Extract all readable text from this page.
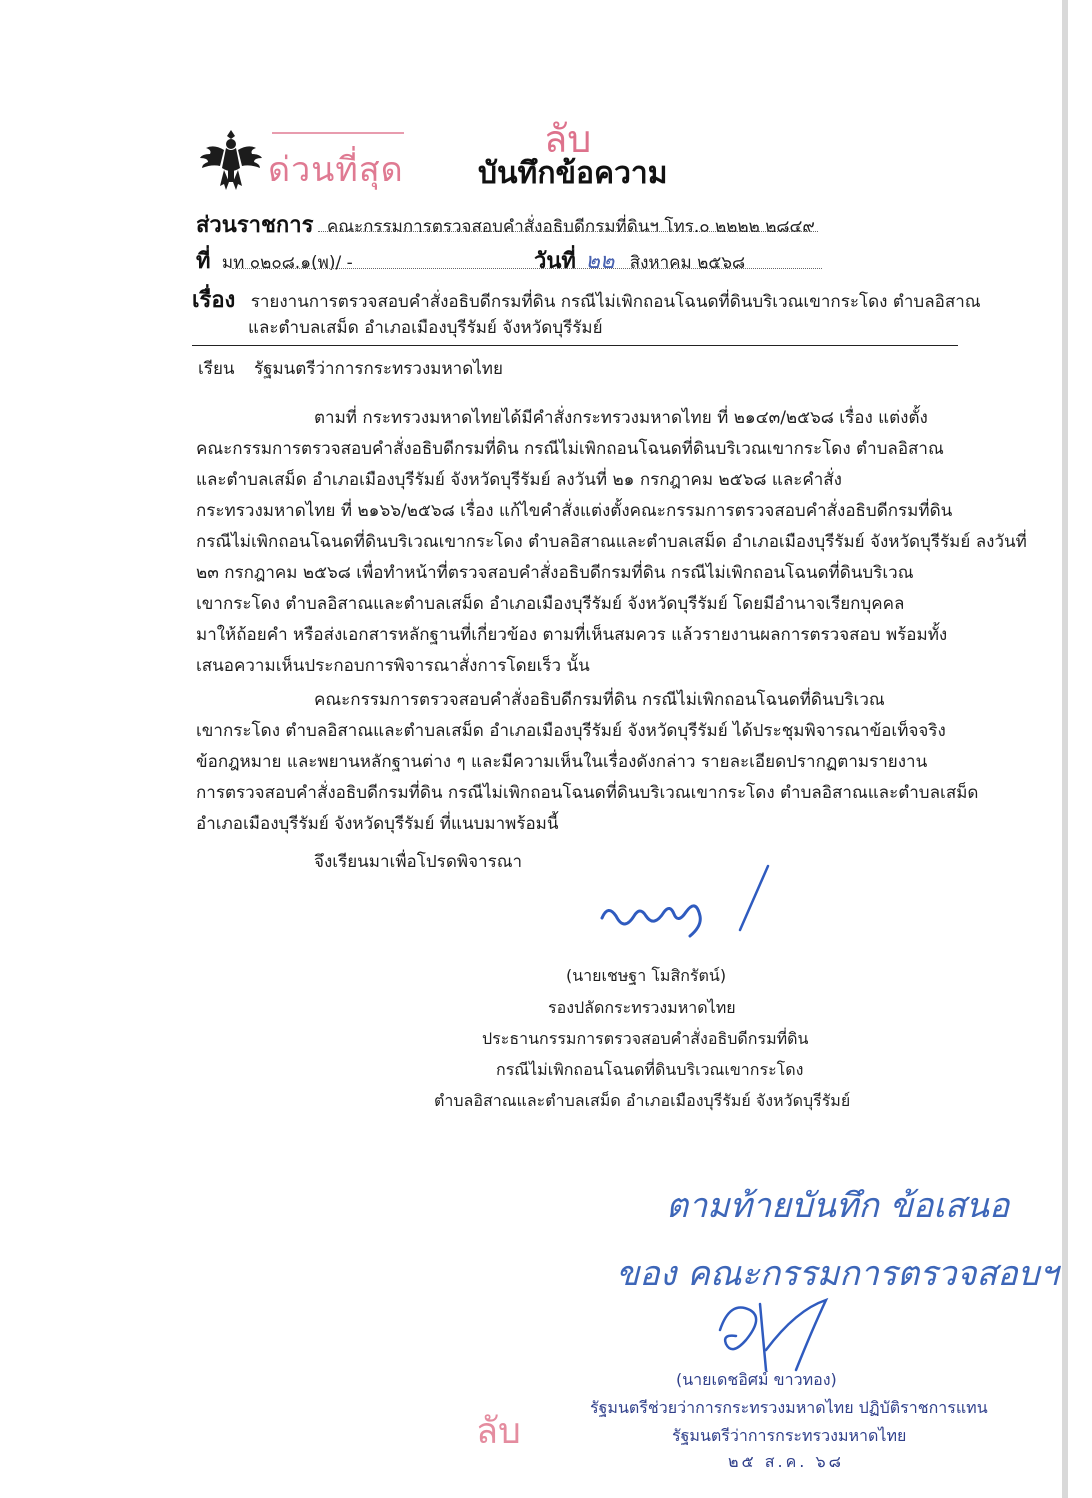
ด่วนที่สุด
ลับ
บันทึกข้อความ
ส่วนราชการ คณะกรรมการตรวจสอบคำสั่งอธิบดีกรมที่ดินฯ โทร.๐ ๒๒๒๒ ๒๘๔๙
ที่ มท ๐๒๐๘.๑(พ)/ -	วันที่ ๒๒ สิงหาคม ๒๕๖๘
เรื่อง รายงานการตรวจสอบคำสั่งอธิบดีกรมที่ดิน กรณีไม่เพิกถอนโฉนดที่ดินบริเวณเขากระโดง ตำบลอิสาณ
และตำบลเสม็ด อำเภอเมืองบุรีรัมย์ จังหวัดบุรีรัมย์
เรียน รัฐมนตรีว่าการกระทรวงมหาดไทย
ตามที่ กระทรวงมหาดไทยได้มีคำสั่งกระทรวงมหาดไทย ที่ ๒๑๔๓/๒๕๖๘ เรื่อง แต่งตั้ง
คณะกรรมการตรวจสอบคำสั่งอธิบดีกรมที่ดิน กรณีไม่เพิกถอนโฉนดที่ดินบริเวณเขากระโดง ตำบลอิสาณ
และตำบลเสม็ด อำเภอเมืองบุรีรัมย์ จังหวัดบุรีรัมย์ ลงวันที่ ๒๑ กรกฎาคม ๒๕๖๘ และคำสั่ง
กระทรวงมหาดไทย ที่ ๒๑๖๖/๒๕๖๘ เรื่อง แก้ไขคำสั่งแต่งตั้งคณะกรรมการตรวจสอบคำสั่งอธิบดีกรมที่ดิน
กรณีไม่เพิกถอนโฉนดที่ดินบริเวณเขากระโดง ตำบลอิสาณและตำบลเสม็ด อำเภอเมืองบุรีรัมย์ จังหวัดบุรีรัมย์ ลงวันที่
๒๓ กรกฎาคม ๒๕๖๘ เพื่อทำหน้าที่ตรวจสอบคำสั่งอธิบดีกรมที่ดิน กรณีไม่เพิกถอนโฉนดที่ดินบริเวณ
เขากระโดง ตำบลอิสาณและตำบลเสม็ด อำเภอเมืองบุรีรัมย์ จังหวัดบุรีรัมย์ โดยมีอำนาจเรียกบุคคล
มาให้ถ้อยคำ หรือส่งเอกสารหลักฐานที่เกี่ยวข้อง ตามที่เห็นสมควร แล้วรายงานผลการตรวจสอบ พร้อมทั้ง
เสนอความเห็นประกอบการพิจารณาสั่งการโดยเร็ว นั้น
คณะกรรมการตรวจสอบคำสั่งอธิบดีกรมที่ดิน กรณีไม่เพิกถอนโฉนดที่ดินบริเวณ
เขากระโดง ตำบลอิสาณและตำบลเสม็ด อำเภอเมืองบุรีรัมย์ จังหวัดบุรีรัมย์ ได้ประชุมพิจารณาข้อเท็จจริง
ข้อกฎหมาย และพยานหลักฐานต่าง ๆ และมีความเห็นในเรื่องดังกล่าว รายละเอียดปรากฏตามรายงาน
การตรวจสอบคำสั่งอธิบดีกรมที่ดิน กรณีไม่เพิกถอนโฉนดที่ดินบริเวณเขากระโดง ตำบลอิสาณและตำบลเสม็ด
อำเภอเมืองบุรีรัมย์ จังหวัดบุรีรัมย์ ที่แนบมาพร้อมนี้
จึงเรียนมาเพื่อโปรดพิจารณา
(นายเชษฐา โมสิกรัตน์)
รองปลัดกระทรวงมหาดไทย
ประธานกรรมการตรวจสอบคำสั่งอธิบดีกรมที่ดิน
กรณีไม่เพิกถอนโฉนดที่ดินบริเวณเขากระโดง
ตำบลอิสาณและตำบลเสม็ด อำเภอเมืองบุรีรัมย์ จังหวัดบุรีรัมย์
ตามท้ายบันทึก ข้อเสนอ
ของ คณะกรรมการตรวจสอบฯ
(นายเดชอิศม์ ขาวทอง)
รัฐมนตรีช่วยว่าการกระทรวงมหาดไทย ปฏิบัติราชการแทน
รัฐมนตรีว่าการกระทรวงมหาดไทย
๒๕ ส.ค. ๖๘
ลับ
